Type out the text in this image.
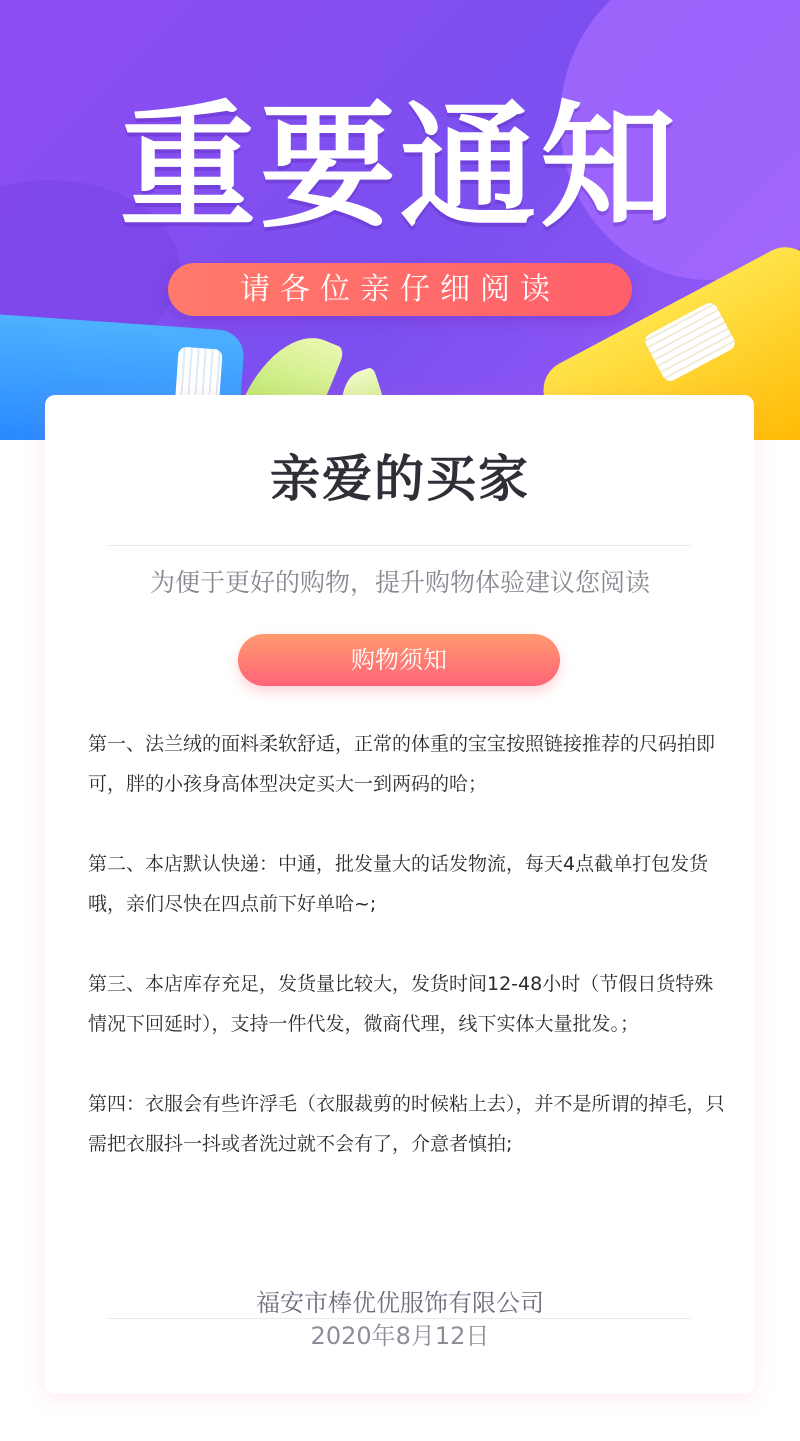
重要通知
请各位亲仔细阅读
亲爱的买家
为便于更好的购物，提升购物体验建议您阅读
购物须知
第一、法兰绒的面料柔软舒适，正常的体重的宝宝按照链接推荐的尺码拍即可，胖的小孩身高体型决定买大一到两码的哈；
第二、本店默认快递：中通，批发量大的话发物流，每天4点截单打包发货哦，亲们尽快在四点前下好单哈~;
第三、本店库存充足，发货量比较大，发货时间12-48小时（节假日货特殊情况下回延时），支持一件代发，微商代理，线下实体大量批发。；
第四：衣服会有些许浮毛（衣服裁剪的时候粘上去），并不是所谓的掉毛，只需把衣服抖一抖或者洗过就不会有了，介意者慎拍;
福安市棒优优服饰有限公司
2020年8月12日
